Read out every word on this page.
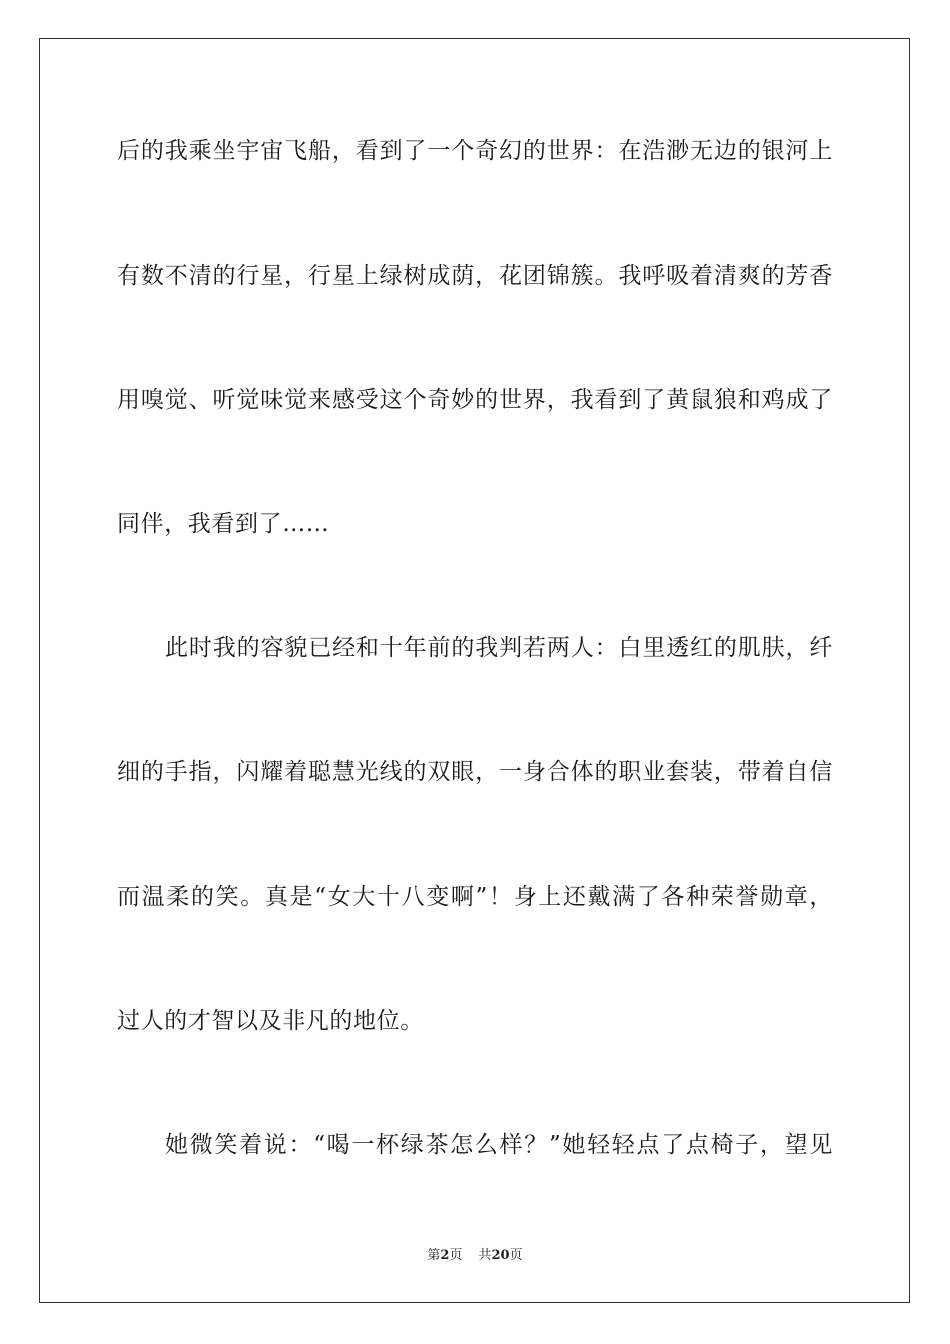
后的我乘坐宇宙飞船，看到了一个奇幻的世界：在浩渺无边的银河上
有数不清的行星，行星上绿树成荫，花团锦簇。我呼吸着清爽的芳香
用嗅觉、听觉味觉来感受这个奇妙的世界，我看到了黄鼠狼和鸡成了
同伴，我看到了……
此时我的容貌已经和十年前的我判若两人：白里透红的肌肤，纤
细的手指，闪耀着聪慧光线的双眼，一身合体的职业套装，带着自信
而温柔的笑。真是“女大十八变啊”！身上还戴满了各种荣誉勋章，
过人的才智以及非凡的地位。
她微笑着说：“喝一杯绿茶怎么样？”她轻轻点了点椅子，望见
第2页 共20页
